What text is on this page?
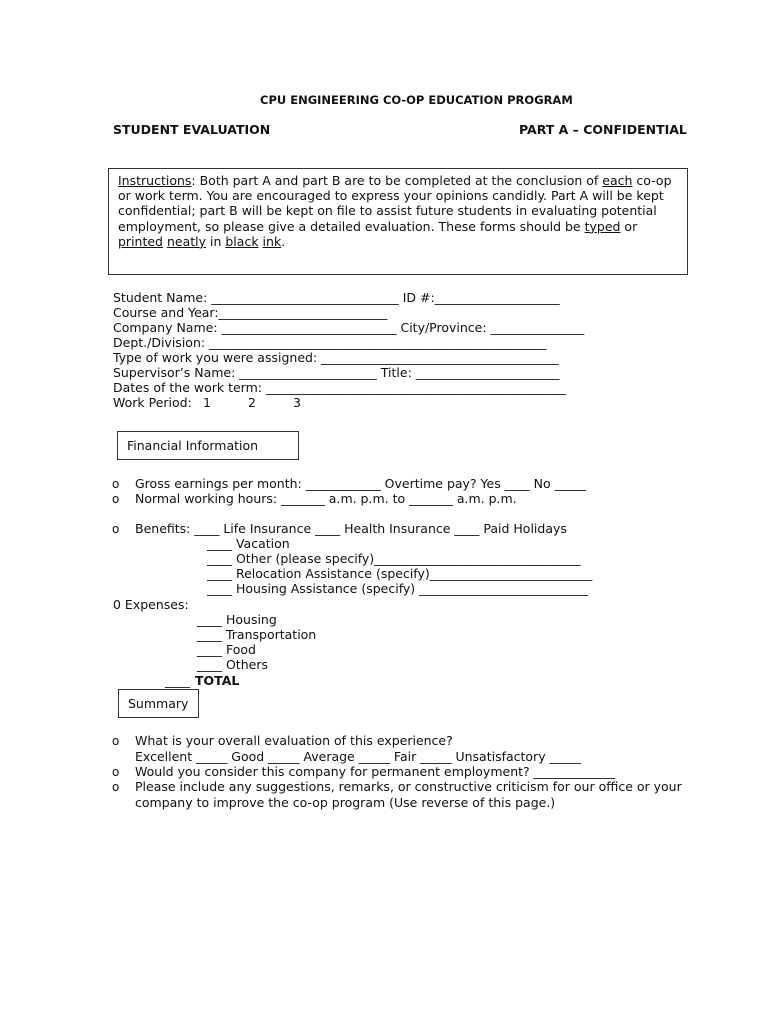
CPU ENGINEERING CO-OP EDUCATION PROGRAM
STUDENT EVALUATION	PART A – CONFIDENTIAL
Instructions: Both part A and part B are to be completed at the conclusion of each co-op or work term. You are encouraged to express your opinions candidly. Part A will be kept confidential; part B will be kept on file to assist future students in evaluating potential employment, so please give a detailed evaluation. These forms should be typed or printed neatly in black ink.
Student Name: ______________________________ ID #:____________________
Course and Year:___________________________
Company Name: ____________________________ City/Province: _______________
Dept./Division: ______________________________________________________
Type of work you were assigned: ______________________________________
Supervisor’s Name: ______________________ Title: _______________________
Dates of the work term: ________________________________________________
Work Period: 1	2	3
Financial Information
o Gross earnings per month: ____________ Overtime pay? Yes ____ No _____
o Normal working hours: _______ a.m. p.m. to _______ a.m. p.m.
o Benefits: ____ Life Insurance ____ Health Insurance ____ Paid Holidays
____ Vacation
____ Other (please specify)_________________________________
____ Relocation Assistance (specify)__________________________
____ Housing Assistance (specify) ___________________________
0 Expenses:
____ Housing
____ Transportation
____ Food
____ Others
____ TOTAL
Summary
o What is your overall evaluation of this experience?
Excellent _____ Good _____ Average _____ Fair _____ Unsatisfactory _____
o Would you consider this company for permanent employment? _____________
o Please include any suggestions, remarks, or constructive criticism for our office or your
company to improve the co-op program (Use reverse of this page.)
